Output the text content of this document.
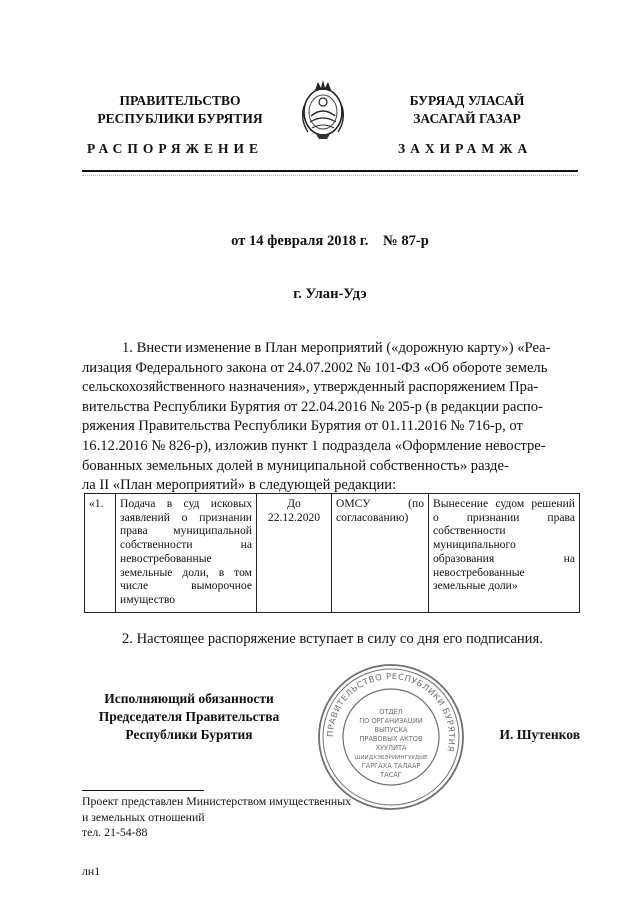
ПРАВИТЕЛЬСТВО
РЕСПУБЛИКИ БУРЯТИЯ
БУРЯАД УЛАСАЙ
ЗАСАГАЙ ГАЗАР
РАСПОРЯЖЕНИЕ	ЗАХИРАМЖА
от 14 февраля 2018 г.    № 87-р
г. Улан-Удэ
1. Внести изменение в План мероприятий («дорожную карту») «Реа-
лизация Федерального закона от 24.07.2002 № 101-ФЗ «Об обороте земель
сельскохозяйственного назначения», утвержденный распоряжением Пра-
вительства Республики Бурятия от 22.04.2016 № 205-р (в редакции распо-
ряжения Правительства Республики Бурятия от 01.11.2016 № 716-р, от
16.12.2016 № 826-р), изложив пункт 1 подраздела «Оформление невостре-
бованных земельных долей в муниципальной собственность» разде-
ла II «План мероприятий» в следующей редакции:
«1.	Подача в суд исковых заявлений о признании права муниципальной собственности на невостребованные земельные доли, в том числе выморочное имущество	До 22.12.2020	ОМСУ (по согласованию)	Вынесение судом решений о признании права собственности муниципального образования на невостребованные земельные доли»
2. Настоящее распоряжение вступает в силу со дня его подписания.
Исполняющий обязанности
Председателя Правительства
Республики Бурятия	ПРАВИТЕЛЬСТВО РЕСПУБЛИКИ БУРЯТИЯ
ОТДЕЛ
ПО ОРГАНИЗАЦИИ
ВЫПУСКА
ПРАВОВЫХ АКТОВ
ХУУЛИТА
ШИИДХЭБЭРИИНГУУДЫЕ
ГАРГАХА ТАЛААР
ТАСАГ
И. Шутенков
Проект представлен Министерством имущественных
и земельных отношений
тел. 21-54-88
лн1
